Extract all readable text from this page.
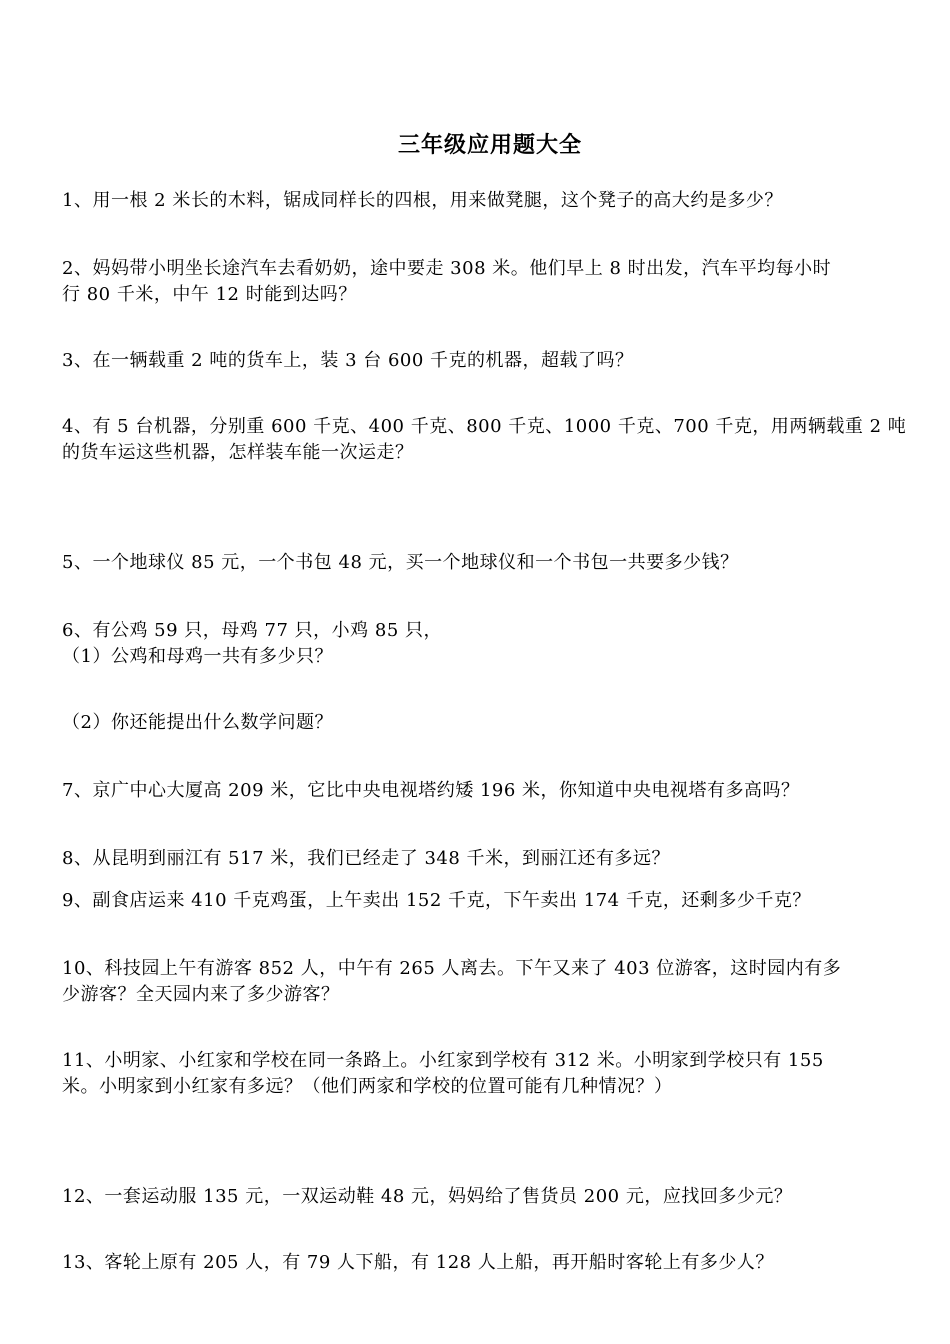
三年级应用题大全
1、用一根 2 米长的木料，锯成同样长的四根，用来做凳腿，这个凳子的高大约是多少？
2、妈妈带小明坐长途汽车去看奶奶，途中要走 308 米。他们早上 8 时出发，汽车平均每小时
行 80 千米，中午 12 时能到达吗？
3、在一辆载重 2 吨的货车上，装 3 台 600 千克的机器，超载了吗？
4、有 5 台机器，分别重 600 千克、400 千克、800 千克、1000 千克、700 千克，用两辆载重 2 吨
的货车运这些机器，怎样装车能一次运走？
5、一个地球仪 85 元，一个书包 48 元，买一个地球仪和一个书包一共要多少钱？
6、有公鸡 59 只，母鸡 77 只，小鸡 85 只，
（1）公鸡和母鸡一共有多少只？
（2）你还能提出什么数学问题？
7、京广中心大厦高 209 米，它比中央电视塔约矮 196 米，你知道中央电视塔有多高吗？
8、从昆明到丽江有 517 米，我们已经走了 348 千米，到丽江还有多远？
9、副食店运来 410 千克鸡蛋，上午卖出 152 千克，下午卖出 174 千克，还剩多少千克？
10、科技园上午有游客 852 人，中午有 265 人离去。下午又来了 403 位游客，这时园内有多
少游客？全天园内来了多少游客？
11、小明家、小红家和学校在同一条路上。小红家到学校有 312 米。小明家到学校只有 155
米。小明家到小红家有多远？（他们两家和学校的位置可能有几种情况？）
12、一套运动服 135 元，一双运动鞋 48 元，妈妈给了售货员 200 元，应找回多少元？
13、客轮上原有 205 人，有 79 人下船，有 128 人上船，再开船时客轮上有多少人？
